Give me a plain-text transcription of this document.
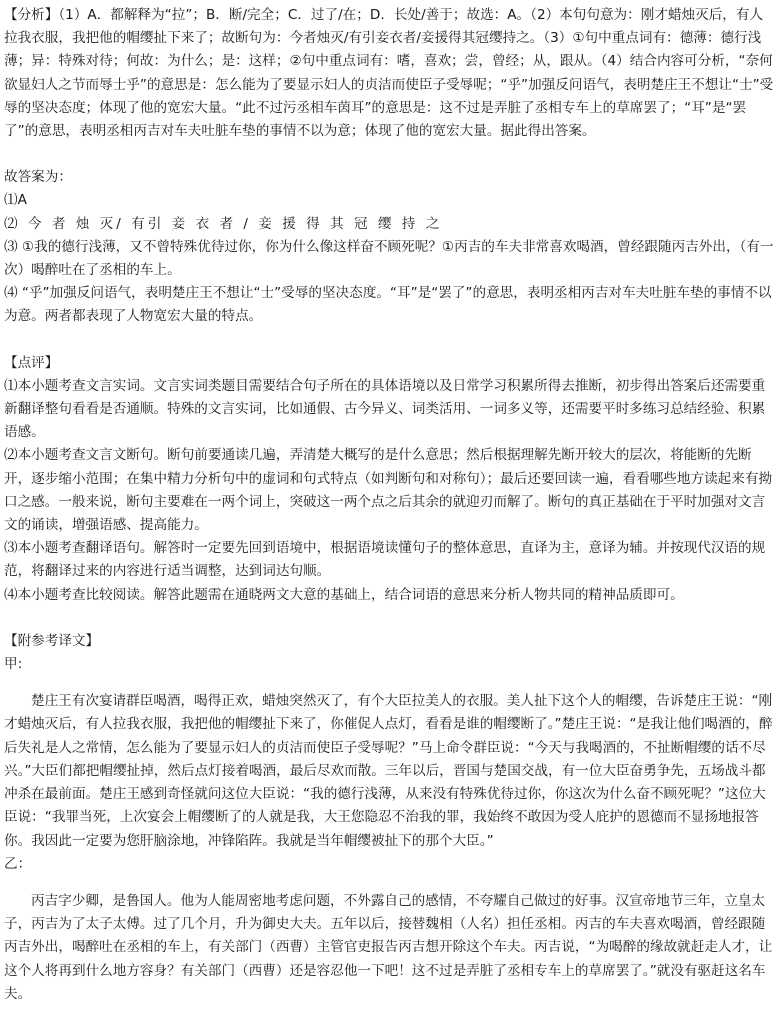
【分析】（1）A．都解释为“拉”；B．断/完全；C．过了/在；D．长处/善于；故选：A。（2）本句句意为：刚才蜡烛灭后，有人拉我衣服，我把他的帽缨扯下来了；故断句为：今者烛灭/有引妾衣者/妾援得其冠缨持之。（3）①句中重点词有：德薄：德行浅薄；异：特殊对待；何故：为什么；是：这样；②句中重点词有：嗜，喜欢；尝，曾经；从，跟从。（4）结合内容可分析，“奈何欲显妇人之节而辱士乎”的意思是：怎么能为了要显示妇人的贞洁而使臣子受辱呢；“乎”加强反问语气，表明楚庄王不想让“士”受辱的坚决态度；体现了他的宽宏大量。“此不过污丞相车茵耳”的意思是：这不过是弄脏了丞相专车上的草席罢了；“耳”是“罢了”的意思，表明丞相丙吉对车夫吐脏车垫的事情不以为意；体现了他的宽宏大量。据此得出答案。

故答案为：

⑴A

⑵ 今 者 烛 灭/ 有引 妾 衣 者 / 妾 援 得 其 冠 缨 持 之

⑶ ①我的德行浅薄，又不曾特殊优待过你，你为什么像这样奋不顾死呢？①丙吉的车夫非常喜欢喝酒，曾经跟随丙吉外出，（有一次）喝醉吐在了丞相的车上。

⑷ “乎”加强反问语气，表明楚庄王不想让“士”受辱的坚决态度。“耳”是“罢了”的意思，表明丞相丙吉对车夫吐脏车垫的事情不以为意。两者都表现了人物宽宏大量的特点。

【点评】

⑴本小题考查文言实词。文言实词类题目需要结合句子所在的具体语境以及日常学习积累所得去推断，初步得出答案后还需要重新翻译整句看看是否通顺。特殊的文言实词，比如通假、古今异义、词类活用、一词多义等，还需要平时多练习总结经验、积累语感。

⑵本小题考查文言文断句。断句前要通读几遍，弄清楚大概写的是什么意思；然后根据理解先断开较大的层次，将能断的先断开，逐步缩小范围；在集中精力分析句中的虚词和句式特点（如判断句和对称句）；最后还要回读一遍，看看哪些地方读起来有拗口之感。一般来说，断句主要难在一两个词上，突破这一两个点之后其余的就迎刃而解了。断句的真正基础在于平时加强对文言文的诵读，增强语感、提高能力。

⑶本小题考查翻译语句。解答时一定要先回到语境中，根据语境读懂句子的整体意思，直译为主，意译为辅。并按现代汉语的规范，将翻译过来的内容进行适当调整，达到词达句顺。

⑷本小题考查比较阅读。解答此题需在通晓两文大意的基础上，结合词语的意思来分析人物共同的精神品质即可。

【附参考译文】

甲:

楚庄王有次宴请群臣喝酒，喝得正欢，蜡烛突然灭了，有个大臣拉美人的衣服。美人扯下这个人的帽缨，告诉楚庄王说：“刚才蜡烛灭后，有人拉我衣服，我把他的帽缨扯下来了，你催促人点灯，看看是谁的帽缨断了。”楚庄王说：“是我让他们喝酒的，醉后失礼是人之常情，怎么能为了要显示妇人的贞洁而使臣子受辱呢？”马上命令群臣说：“今天与我喝酒的，不扯断帽缨的话不尽兴。”大臣们都把帽缨扯掉，然后点灯接着喝酒，最后尽欢而散。三年以后，晋国与楚国交战，有一位大臣奋勇争先，五场战斗都冲杀在最前面。楚庄王感到奇怪就问这位大臣说：“我的德行浅薄，从来没有特殊优待过你，你这次为什么奋不顾死呢？”这位大臣说：“我罪当死，上次宴会上帽缨断了的人就是我，大王您隐忍不治我的罪，我始终不敢因为受人庇护的恩德而不显扬地报答你。我因此一定要为您肝脑涂地，冲锋陷阵。我就是当年帽缨被扯下的那个大臣。”

乙：

丙吉字少卿，是鲁国人。他为人能周密地考虑问题，不外露自己的感情，不夸耀自己做过的好事。汉宣帝地节三年，立皇太子，丙吉为了太子太傅。过了几个月，升为御史大夫。五年以后，接替魏相（人名）担任丞相。丙吉的车夫喜欢喝酒，曾经跟随丙吉外出，喝醉吐在丞相的车上，有关部门（西曹）主管官吏报告丙吉想开除这个车夫。丙吉说，“为喝醉的缘故就赶走人才，让这个人将再到什么地方容身？有关部门（西曹）还是容忍他一下吧！这不过是弄脏了丞相专车上的草席罢了。”就没有驱赶这名车夫。
